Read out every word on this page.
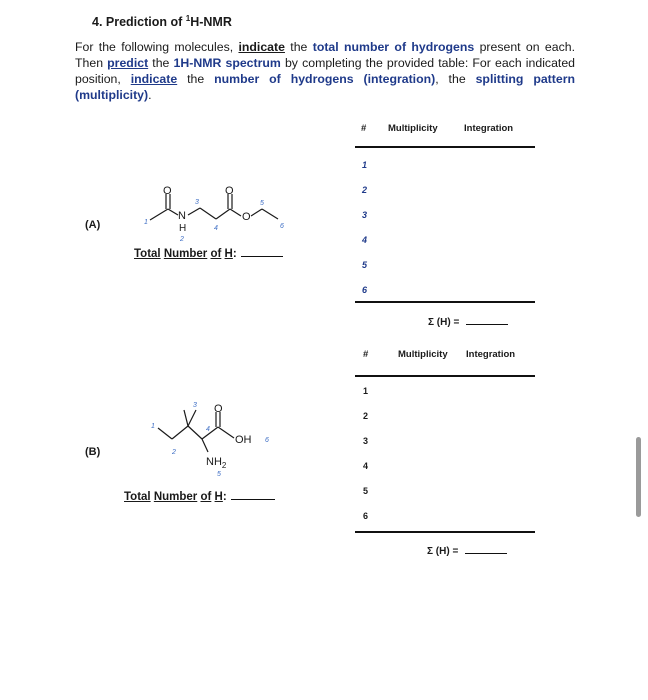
4. Prediction of $^1$H-NMR
For the following molecules, indicate the total number of hydrogens present on each. Then predict the 1H-NMR spectrum by completing the provided table: For each indicated position, indicate the number of hydrogens (integration), the splitting pattern (multiplicity).
# Multiplicity	Integration
1
2
3
4
5
6
Σ (H) =
#	Multiplicity Integration
1
2
3
4
5
6
Σ (H) =
(A)
O	O
O
N
H
1
2
3
4
5
6
Total Number of H:
(B)
O
OH
$NH_2$
1
2
3
4
5
6
Total Number of H:
